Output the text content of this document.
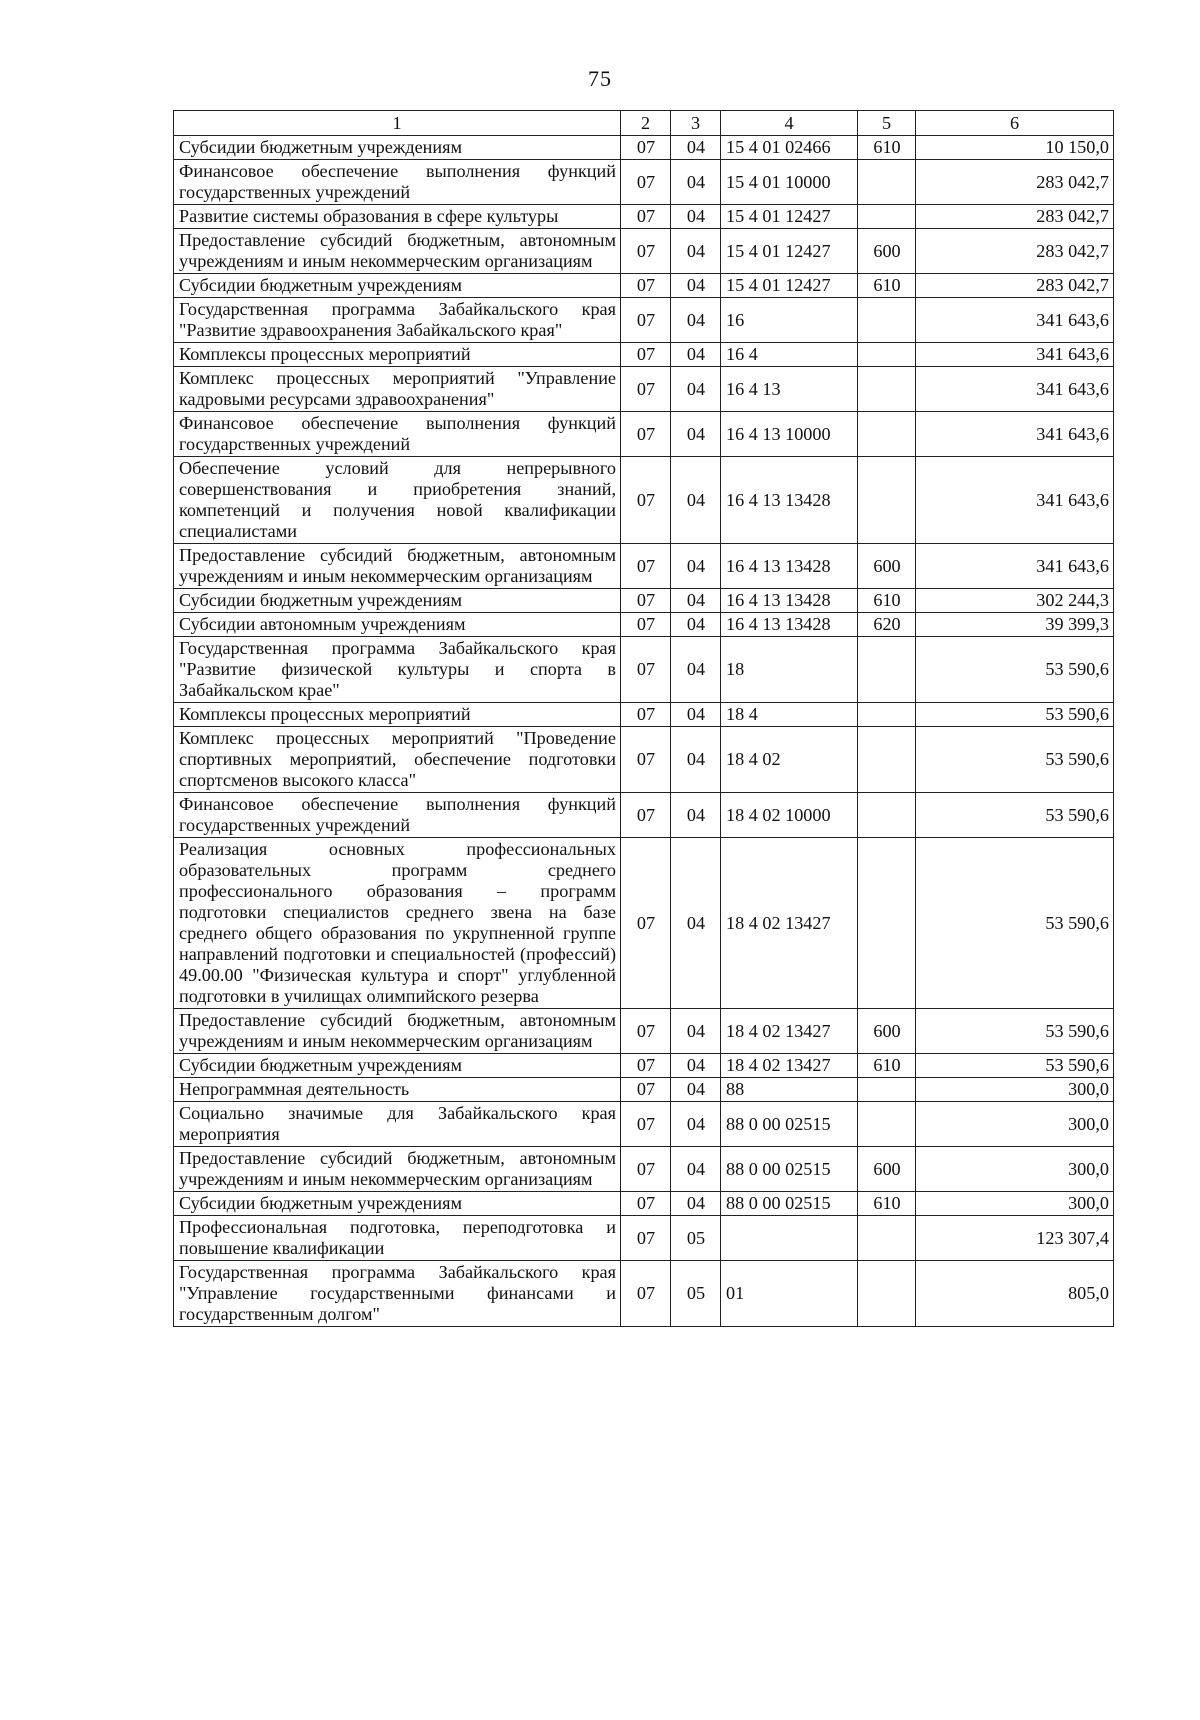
75
1	2	3	4	5	6
Субсидии бюджетным учреждениям	07	04	15 4 01 02466	610	10 150,0
Финансовое обеспечение выполнения функций государственных учреждений	07	04	15 4 01 10000		283 042,7
Развитие системы образования в сфере культуры	07	04	15 4 01 12427		283 042,7
Предоставление субсидий бюджетным, автономным учреждениям и иным некоммерческим организациям	07	04	15 4 01 12427	600	283 042,7
Субсидии бюджетным учреждениям	07	04	15 4 01 12427	610	283 042,7
Государственная программа Забайкальского края "Развитие здравоохранения Забайкальского края"	07	04	16		341 643,6
Комплексы процессных мероприятий	07	04	16 4		341 643,6
Комплекс процессных мероприятий "Управление кадровыми ресурсами здравоохранения"	07	04	16 4 13		341 643,6
Финансовое обеспечение выполнения функций государственных учреждений	07	04	16 4 13 10000		341 643,6
Обеспечение условий для непрерывного совершенствования и приобретения знаний, компетенций и получения новой квалификации специалистами	07	04	16 4 13 13428		341 643,6
Предоставление субсидий бюджетным, автономным учреждениям и иным некоммерческим организациям	07	04	16 4 13 13428	600	341 643,6
Субсидии бюджетным учреждениям	07	04	16 4 13 13428	610	302 244,3
Субсидии автономным учреждениям	07	04	16 4 13 13428	620	39 399,3
Государственная программа Забайкальского края "Развитие физической культуры и спорта в Забайкальском крае"	07	04	18		53 590,6
Комплексы процессных мероприятий	07	04	18 4		53 590,6
Комплекс процессных мероприятий "Проведение спортивных мероприятий, обеспечение подготовки спортсменов высокого класса"	07	04	18 4 02		53 590,6
Финансовое обеспечение выполнения функций государственных учреждений	07	04	18 4 02 10000		53 590,6
Реализация основных профессиональных образовательных программ среднего профессионального образования – программ подготовки специалистов среднего звена на базе среднего общего образования по укрупненной группе направлений подготовки и специальностей (профессий) 49.00.00 "Физическая культура и спорт" углубленной подготовки в училищах олимпийского резерва	07	04	18 4 02 13427		53 590,6
Предоставление субсидий бюджетным, автономным учреждениям и иным некоммерческим организациям	07	04	18 4 02 13427	600	53 590,6
Субсидии бюджетным учреждениям	07	04	18 4 02 13427	610	53 590,6
Непрограммная деятельность	07	04	88		300,0
Социально значимые для Забайкальского края мероприятия	07	04	88 0 00 02515		300,0
Предоставление субсидий бюджетным, автономным учреждениям и иным некоммерческим организациям	07	04	88 0 00 02515	600	300,0
Субсидии бюджетным учреждениям	07	04	88 0 00 02515	610	300,0
Профессиональная подготовка, переподготовка и повышение квалификации	07	05			123 307,4
Государственная программа Забайкальского края "Управление государственными финансами и государственным долгом"	07	05	01		805,0
